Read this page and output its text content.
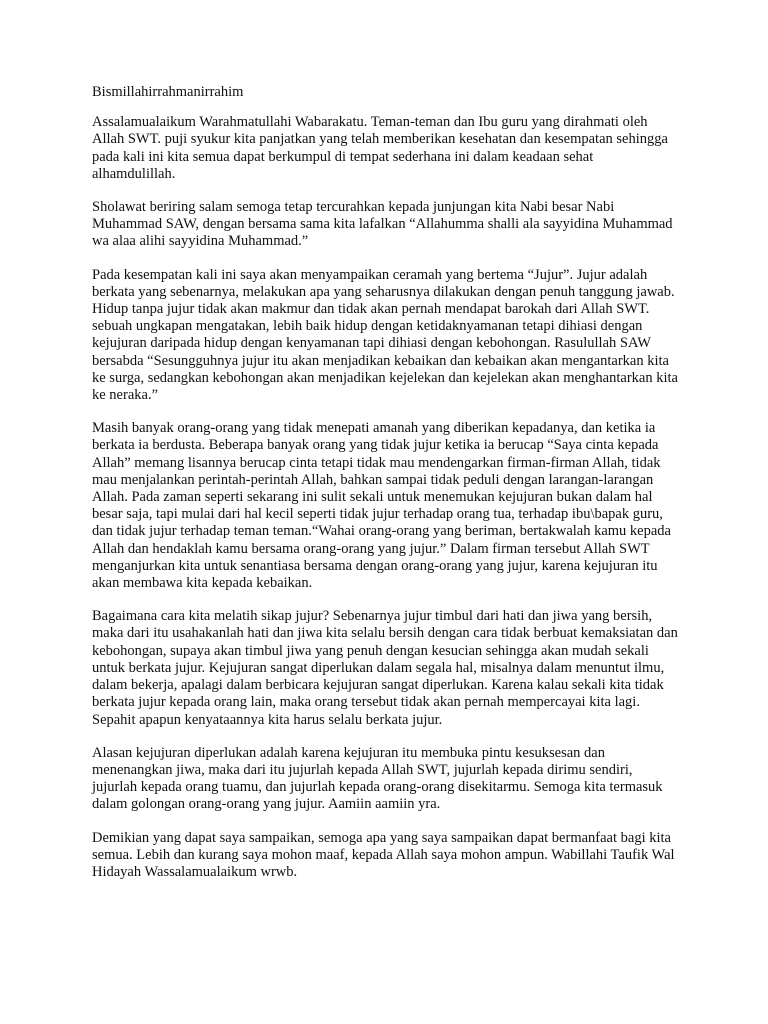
Bismillahirrahmanirrahim

Assalamualaikum Warahmatullahi Wabarakatu. Teman-teman dan Ibu guru yang dirahmati oleh Allah SWT. puji syukur kita panjatkan yang telah memberikan kesehatan dan kesempatan sehingga pada kali ini kita semua dapat berkumpul di tempat sederhana ini dalam keadaan sehat alhamdulillah.

Sholawat beriring salam semoga tetap tercurahkan kepada junjungan kita Nabi besar Nabi Muhammad SAW, dengan bersama sama kita lafalkan “Allahumma shalli ala sayyidina Muhammad wa alaa alihi sayyidina Muhammad.”

Pada kesempatan kali ini saya akan menyampaikan ceramah yang bertema “Jujur”. Jujur adalah berkata yang sebenarnya, melakukan apa yang seharusnya dilakukan dengan penuh tanggung jawab. Hidup tanpa jujur tidak akan makmur dan tidak akan pernah mendapat barokah dari Allah SWT. sebuah ungkapan mengatakan, lebih baik hidup dengan ketidaknyamanan tetapi dihiasi dengan kejujuran daripada hidup dengan kenyamanan tapi dihiasi dengan kebohongan. Rasulullah SAW bersabda “Sesungguhnya jujur itu akan menjadikan kebaikan dan kebaikan akan mengantarkan kita ke surga, sedangkan kebohongan akan menjadikan kejelekan dan kejelekan akan menghantarkan kita ke neraka.”

Masih banyak orang-orang yang tidak menepati amanah yang diberikan kepadanya, dan ketika ia berkata ia berdusta. Beberapa banyak orang yang tidak jujur ketika ia berucap “Saya cinta kepada Allah” memang lisannya berucap cinta tetapi tidak mau mendengarkan firman-firman Allah, tidak mau menjalankan perintah-perintah Allah, bahkan sampai tidak peduli dengan larangan-larangan Allah. Pada zaman seperti sekarang ini sulit sekali untuk menemukan kejujuran bukan dalam hal besar saja, tapi mulai dari hal kecil seperti tidak jujur terhadap orang tua, terhadap ibu\bapak guru, dan tidak jujur terhadap teman teman.“Wahai orang-orang yang beriman, bertakwalah kamu kepada Allah dan hendaklah kamu bersama orang-orang yang jujur.” Dalam firman tersebut Allah SWT menganjurkan kita untuk senantiasa bersama dengan orang-orang yang jujur, karena kejujuran itu akan membawa kita kepada kebaikan.

Bagaimana cara kita melatih sikap jujur? Sebenarnya jujur timbul dari hati dan jiwa yang bersih, maka dari itu usahakanlah hati dan jiwa kita selalu bersih dengan cara tidak berbuat kemaksiatan dan kebohongan, supaya akan timbul jiwa yang penuh dengan kesucian sehingga akan mudah sekali untuk berkata jujur. Kejujuran sangat diperlukan dalam segala hal, misalnya dalam menuntut ilmu, dalam bekerja, apalagi dalam berbicara kejujuran sangat diperlukan. Karena kalau sekali kita tidak berkata jujur kepada orang lain, maka orang tersebut tidak akan pernah mempercayai kita lagi. Sepahit apapun kenyataannya kita harus selalu berkata jujur.

Alasan kejujuran diperlukan adalah karena kejujuran itu membuka pintu kesuksesan dan menenangkan jiwa, maka dari itu jujurlah kepada Allah SWT, jujurlah kepada dirimu sendiri, jujurlah kepada orang tuamu, dan jujurlah kepada orang-orang disekitarmu. Semoga kita termasuk dalam golongan orang-orang yang jujur. Aamiin aamiin yra.

Demikian yang dapat saya sampaikan, semoga apa yang saya sampaikan dapat bermanfaat bagi kita semua. Lebih dan kurang saya mohon maaf, kepada Allah saya mohon ampun. Wabillahi Taufik Wal Hidayah Wassalamualaikum wrwb.
